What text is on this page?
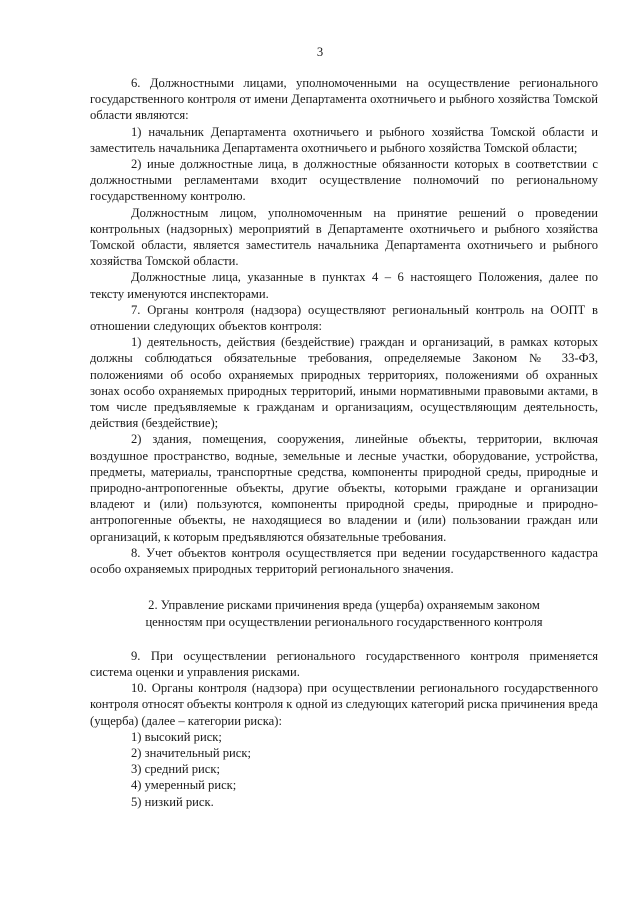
3

6. Должностными лицами, уполномоченными на осуществление регионального государственного контроля от имени Департамента охотничьего и рыбного хозяйства Томской области являются:

1) начальник Департамента охотничьего и рыбного хозяйства Томской области и заместитель начальника Департамента охотничьего и рыбного хозяйства Томской области;

2) иные должностные лица, в должностные обязанности которых в соответствии с должностными регламентами входит осуществление полномочий по региональному государственному контролю.

Должностным лицом, уполномоченным на принятие решений о проведении контрольных (надзорных) мероприятий в Департаменте охотничьего и рыбного хозяйства Томской области, является заместитель начальника Департамента охотничьего и рыбного хозяйства Томской области.

Должностные лица, указанные в пунктах 4 – 6 настоящего Положения, далее по тексту именуются инспекторами.

7. Органы контроля (надзора) осуществляют региональный контроль на ООПТ в отношении следующих объектов контроля:

1) деятельность, действия (бездействие) граждан и организаций, в рамках которых должны соблюдаться обязательные требования, определяемые Законом № 33-ФЗ, положениями об особо охраняемых природных территориях, положениями об охранных зонах особо охраняемых природных территорий, иными нормативными правовыми актами, в том числе предъявляемые к гражданам и организациям, осуществляющим деятельность, действия (бездействие);

2) здания, помещения, сооружения, линейные объекты, территории, включая воздушное пространство, водные, земельные и лесные участки, оборудование, устройства, предметы, материалы, транспортные средства, компоненты природной среды, природные и природно-антропогенные объекты, другие объекты, которыми граждане и организации владеют и (или) пользуются, компоненты природной среды, природные и природно-антропогенные объекты, не находящиеся во владении и (или) пользовании граждан или организаций, к которым предъявляются обязательные требования.

8. Учет объектов контроля осуществляется при ведении государственного кадастра особо охраняемых природных территорий регионального значения.

2. Управление рисками причинения вреда (ущерба) охраняемым законом ценностям при осуществлении регионального государственного контроля

9. При осуществлении регионального государственного контроля применяется система оценки и управления рисками.

10. Органы контроля (надзора) при осуществлении регионального государственного контроля относят объекты контроля к одной из следующих категорий риска причинения вреда (ущерба) (далее – категории риска):

1) высокий риск;

2) значительный риск;

3) средний риск;

4) умеренный риск;

5) низкий риск.
